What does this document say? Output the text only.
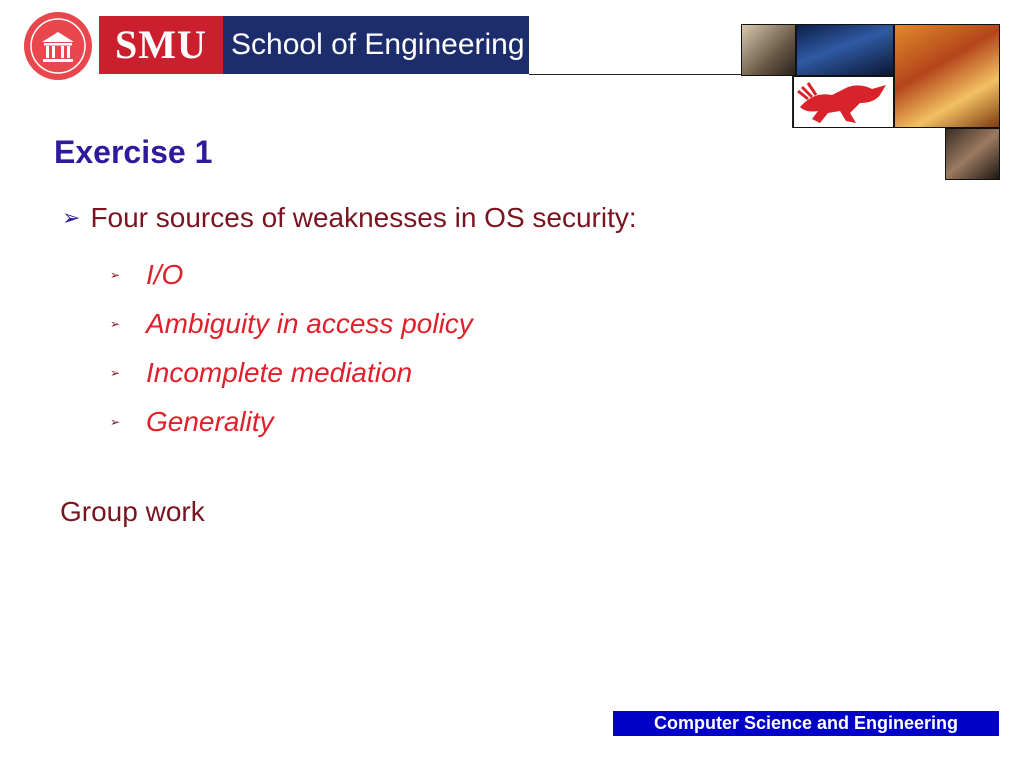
SMU School of Engineering
Exercise 1
➢ Four sources of weaknesses in OS security:
➢ I/O
➢ Ambiguity in access policy
➢ Incomplete mediation
➢ Generality
Group work
Computer Science and Engineering
